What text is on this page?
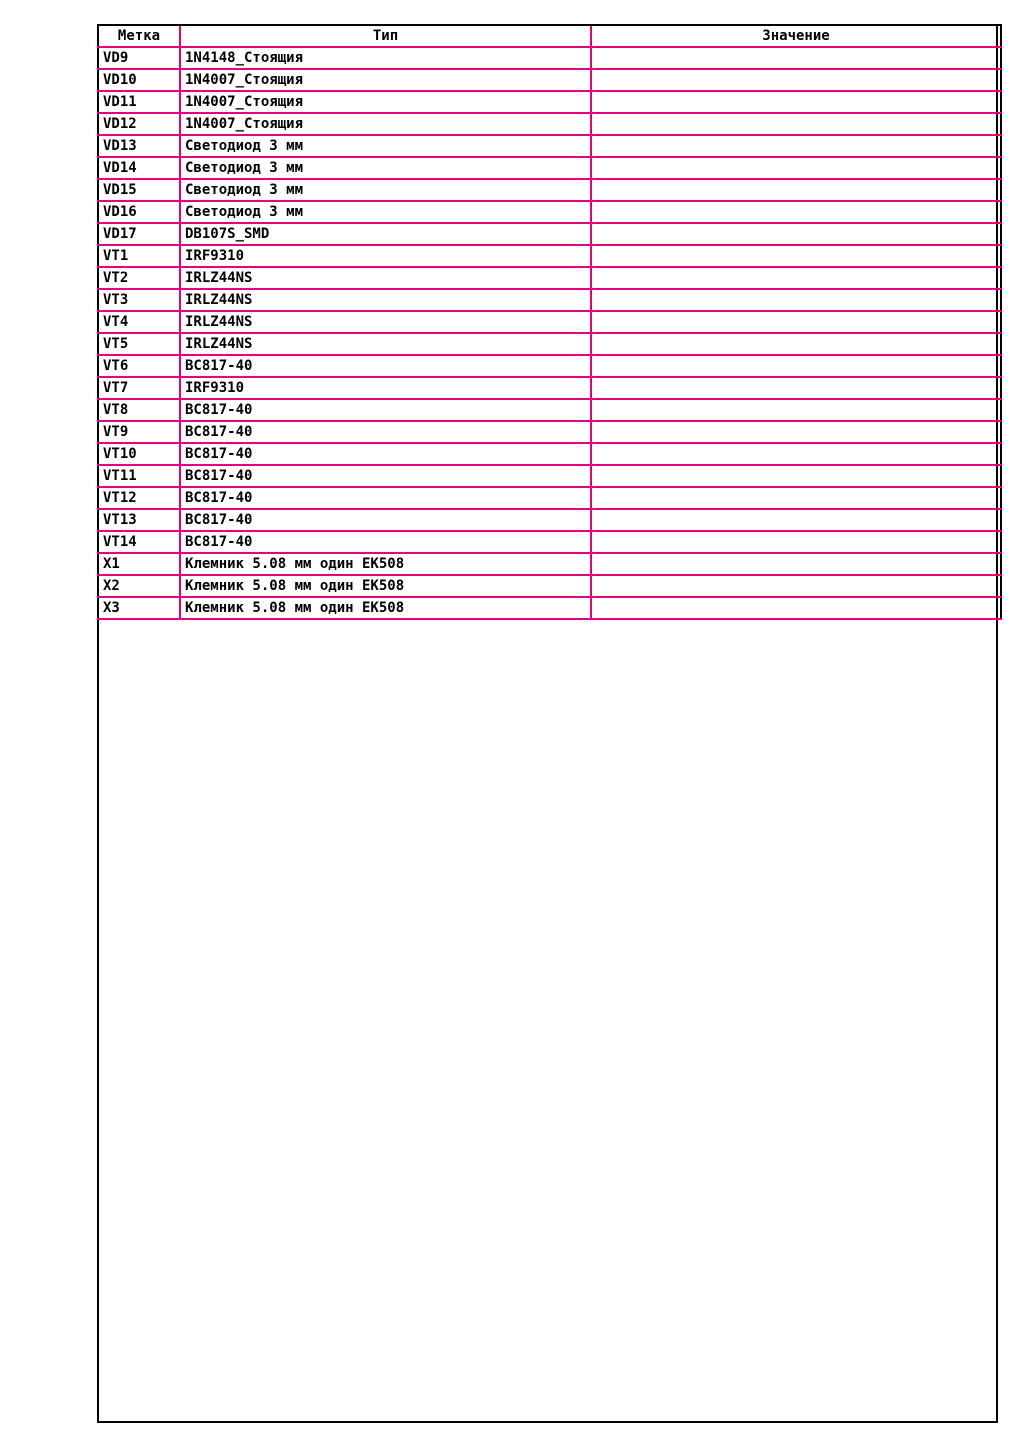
Метка	Тип	Значение
VD9	1N4148_Стоящия	
VD10	1N4007_Стоящия	
VD11	1N4007_Стоящия	
VD12	1N4007_Стоящия	
VD13	Светодиод 3 мм	
VD14	Светодиод 3 мм	
VD15	Светодиод 3 мм	
VD16	Светодиод 3 мм	
VD17	DB107S_SMD	
VT1	IRF9310	
VT2	IRLZ44NS	
VT3	IRLZ44NS	
VT4	IRLZ44NS	
VT5	IRLZ44NS	
VT6	BC817-40	
VT7	IRF9310	
VT8	BC817-40	
VT9	BC817-40	
VT10	BC817-40	
VT11	BC817-40	
VT12	BC817-40	
VT13	BC817-40	
VT14	BC817-40	
X1	Клемник 5.08 мм один EK508	
X2	Клемник 5.08 мм один EK508	
X3	Клемник 5.08 мм один EK508	
